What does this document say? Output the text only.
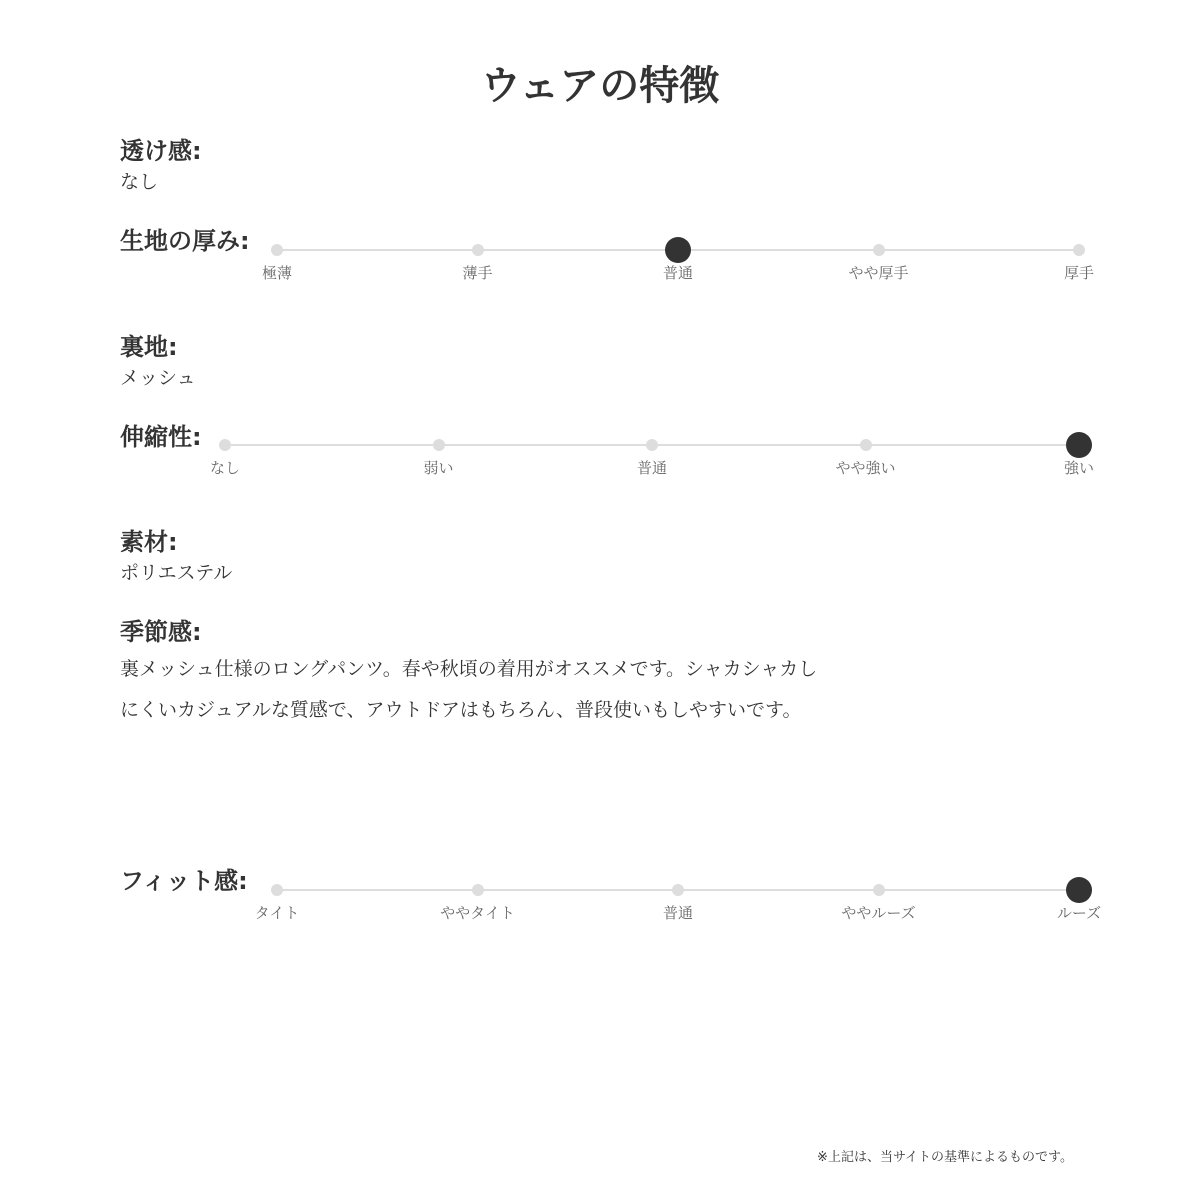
ウェアの特徴
透け感:
なし
生地の厚み:
極薄	薄手	普通	やや厚手	厚手
裏地:
メッシュ
伸縮性:
なし	弱い	普通	やや強い	強い
素材:
ポリエステル
季節感:
裏メッシュ仕様のロングパンツ。春や秋頃の着用がオススメです。シャカシャカし
にくいカジュアルな質感で、アウトドアはもちろん、普段使いもしやすいです。
フィット感:
タイト	ややタイト	普通	ややルーズ	ルーズ
※上記は、当サイトの基準によるものです。
